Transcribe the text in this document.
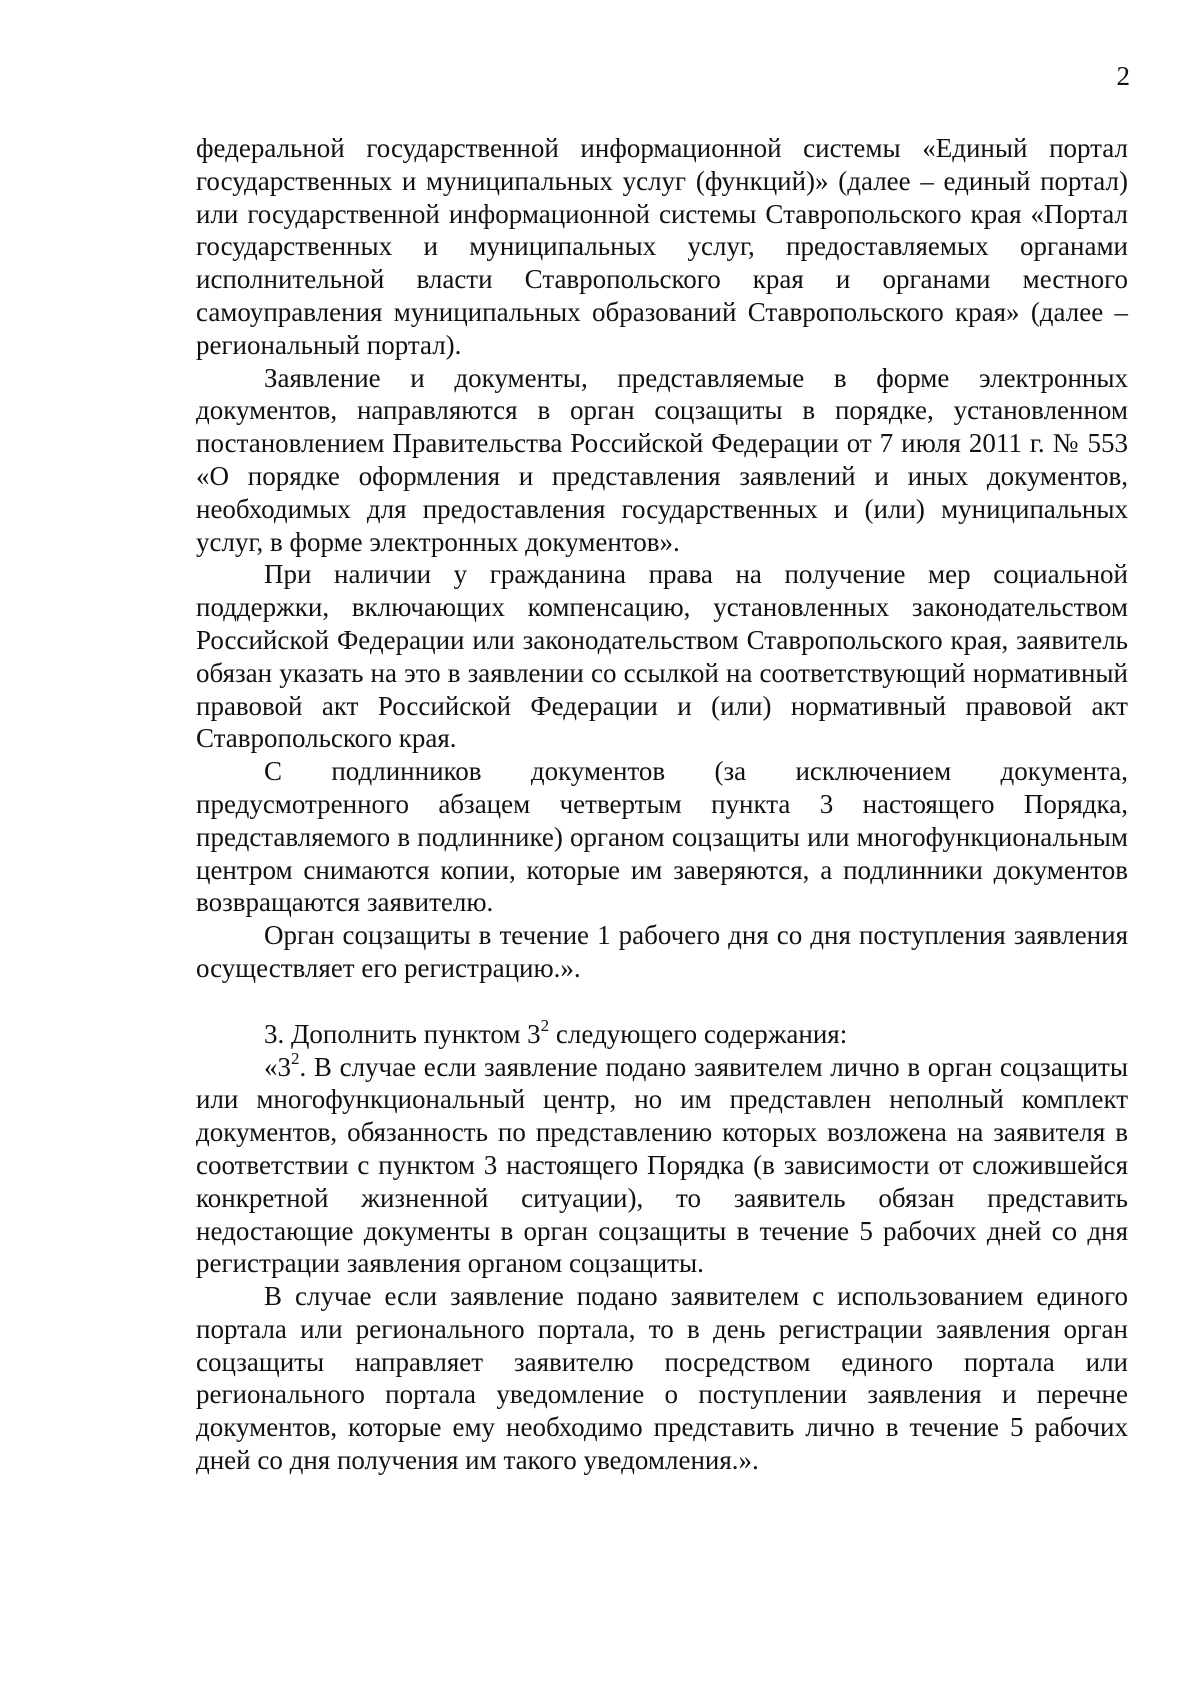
2

федеральной государственной информационной системы «Единый портал государственных и муниципальных услуг (функций)» (далее – единый портал) или государственной информационной системы Ставропольского края «Портал государственных и муниципальных услуг, предоставляемых органами исполнительной власти Ставропольского края и органами местного самоуправления муниципальных образований Ставропольского края» (далее – региональный портал).

Заявление и документы, представляемые в форме электронных документов, направляются в орган соцзащиты в порядке, установленном постановлением Правительства Российской Федерации от 7 июля 2011 г. № 553 «О порядке оформления и представления заявлений и иных документов, необходимых для предоставления государственных и (или) муниципальных услуг, в форме электронных документов».

При наличии у гражданина права на получение мер социальной поддержки, включающих компенсацию, установленных законодательством Российской Федерации или законодательством Ставропольского края, заявитель обязан указать на это в заявлении со ссылкой на соответствующий нормативный правовой акт Российской Федерации и (или) нормативный правовой акт Ставропольского края.

С подлинников документов (за исключением документа, предусмотренного абзацем четвертым пункта 3 настоящего Порядка, представляемого в подлиннике) органом соцзащиты или многофункциональным центром снимаются копии, которые им заверяются, а подлинники документов возвращаются заявителю.

Орган соцзащиты в течение 1 рабочего дня со дня поступления заявления осуществляет его регистрацию.».

3. Дополнить пунктом $3^2$ следующего содержания:

«$3^2$. В случае если заявление подано заявителем лично в орган соцзащиты или многофункциональный центр, но им представлен неполный комплект документов, обязанность по представлению которых возложена на заявителя в соответствии с пунктом 3 настоящего Порядка (в зависимости от сложившейся конкретной жизненной ситуации), то заявитель обязан представить недостающие документы в орган соцзащиты в течение 5 рабочих дней со дня регистрации заявления органом соцзащиты.

В случае если заявление подано заявителем с использованием единого портала или регионального портала, то в день регистрации заявления орган соцзащиты направляет заявителю посредством единого портала или регионального портала уведомление о поступлении заявления и перечне документов, которые ему необходимо представить лично в течение 5 рабочих дней со дня получения им такого уведомления.».
